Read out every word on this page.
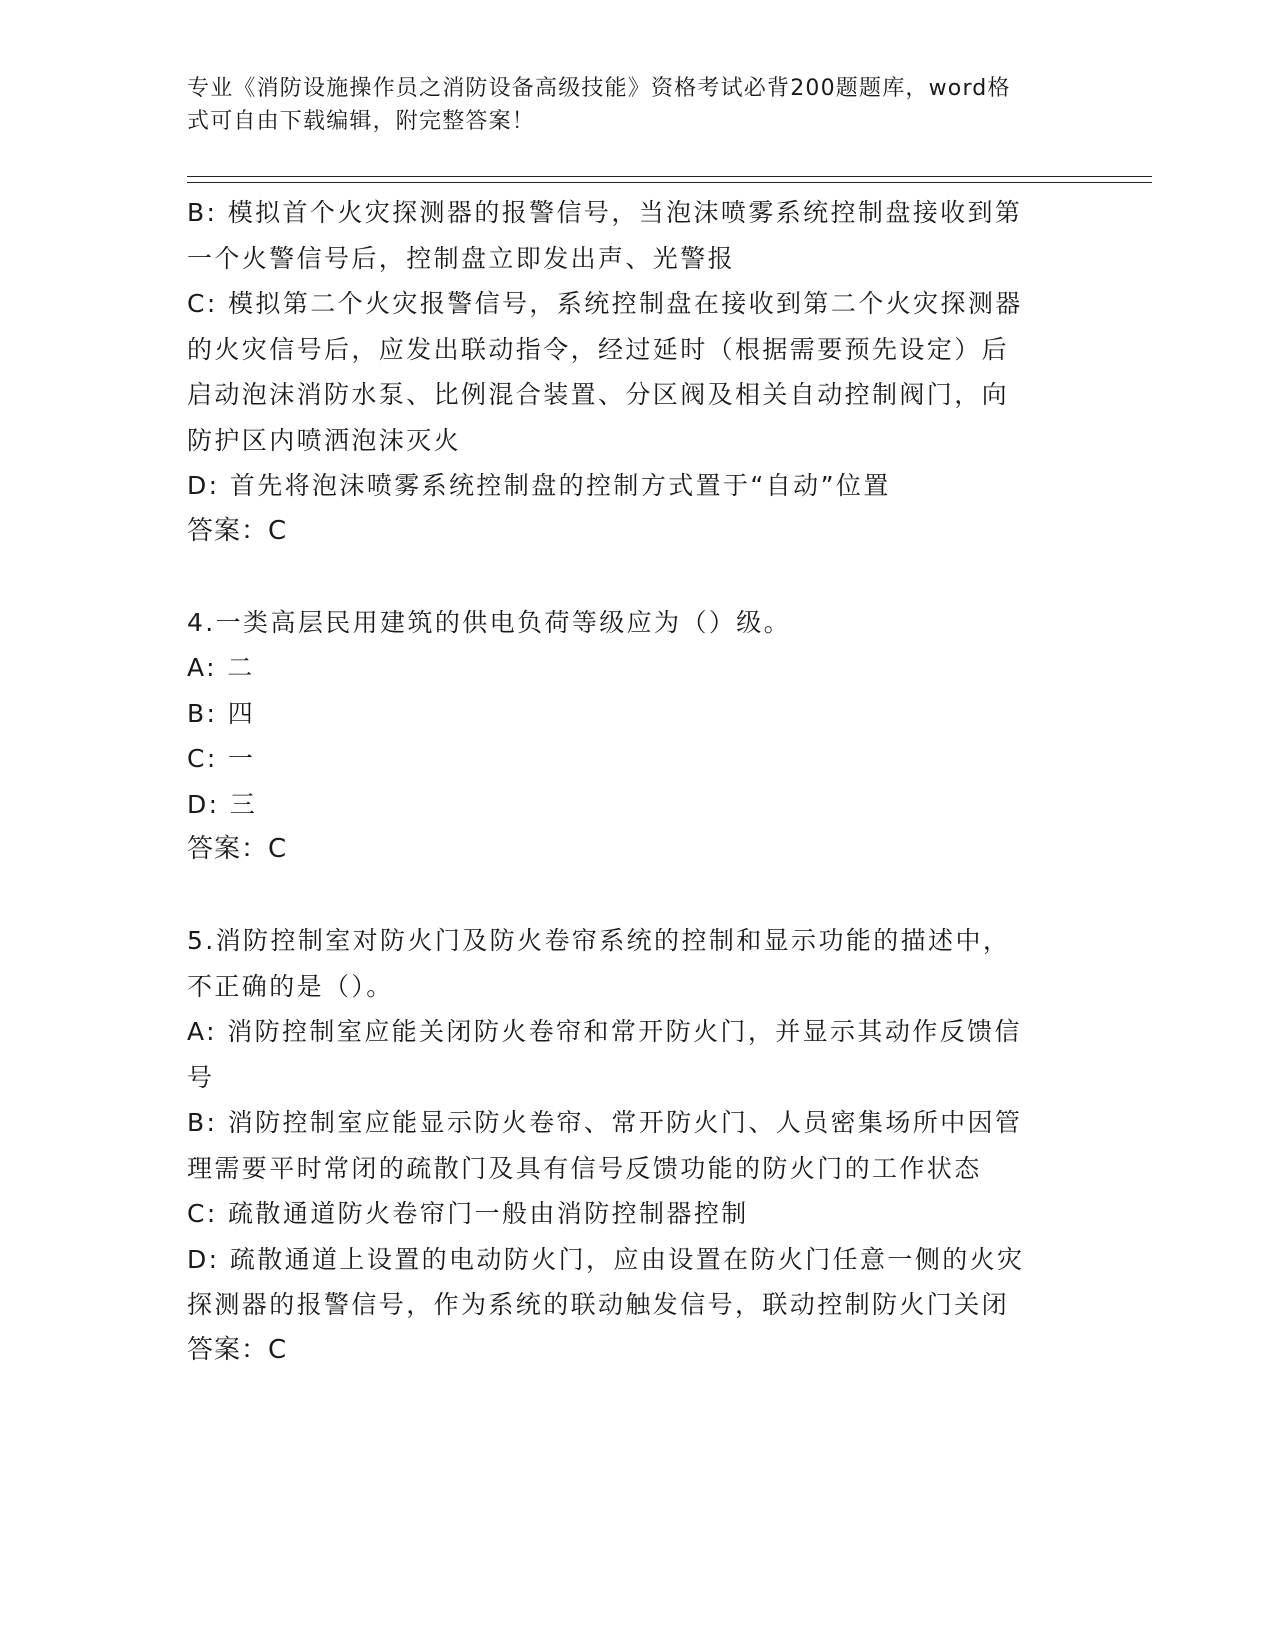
专业《消防设施操作员之消防设备高级技能》资格考试必背200题题库，word格
式可自由下载编辑，附完整答案！
B: 模拟首个火灾探测器的报警信号，当泡沫喷雾系统控制盘接收到第
一个火警信号后，控制盘立即发出声、光警报
C: 模拟第二个火灾报警信号，系统控制盘在接收到第二个火灾探测器
的火灾信号后，应发出联动指令，经过延时（根据需要预先设定）后
启动泡沫消防水泵、比例混合装置、分区阀及相关自动控制阀门，向
防护区内喷洒泡沫灭火
D: 首先将泡沫喷雾系统控制盘的控制方式置于“自动”位置
答案：C
4.一类高层民用建筑的供电负荷等级应为（）级。
A: 二
B: 四
C: 一
D: 三
答案：C
5.消防控制室对防火门及防火卷帘系统的控制和显示功能的描述中，
不正确的是（）。
A: 消防控制室应能关闭防火卷帘和常开防火门，并显示其动作反馈信
号
B: 消防控制室应能显示防火卷帘、常开防火门、人员密集场所中因管
理需要平时常闭的疏散门及具有信号反馈功能的防火门的工作状态
C: 疏散通道防火卷帘门一般由消防控制器控制
D: 疏散通道上设置的电动防火门，应由设置在防火门任意一侧的火灾
探测器的报警信号，作为系统的联动触发信号，联动控制防火门关闭
答案：C
